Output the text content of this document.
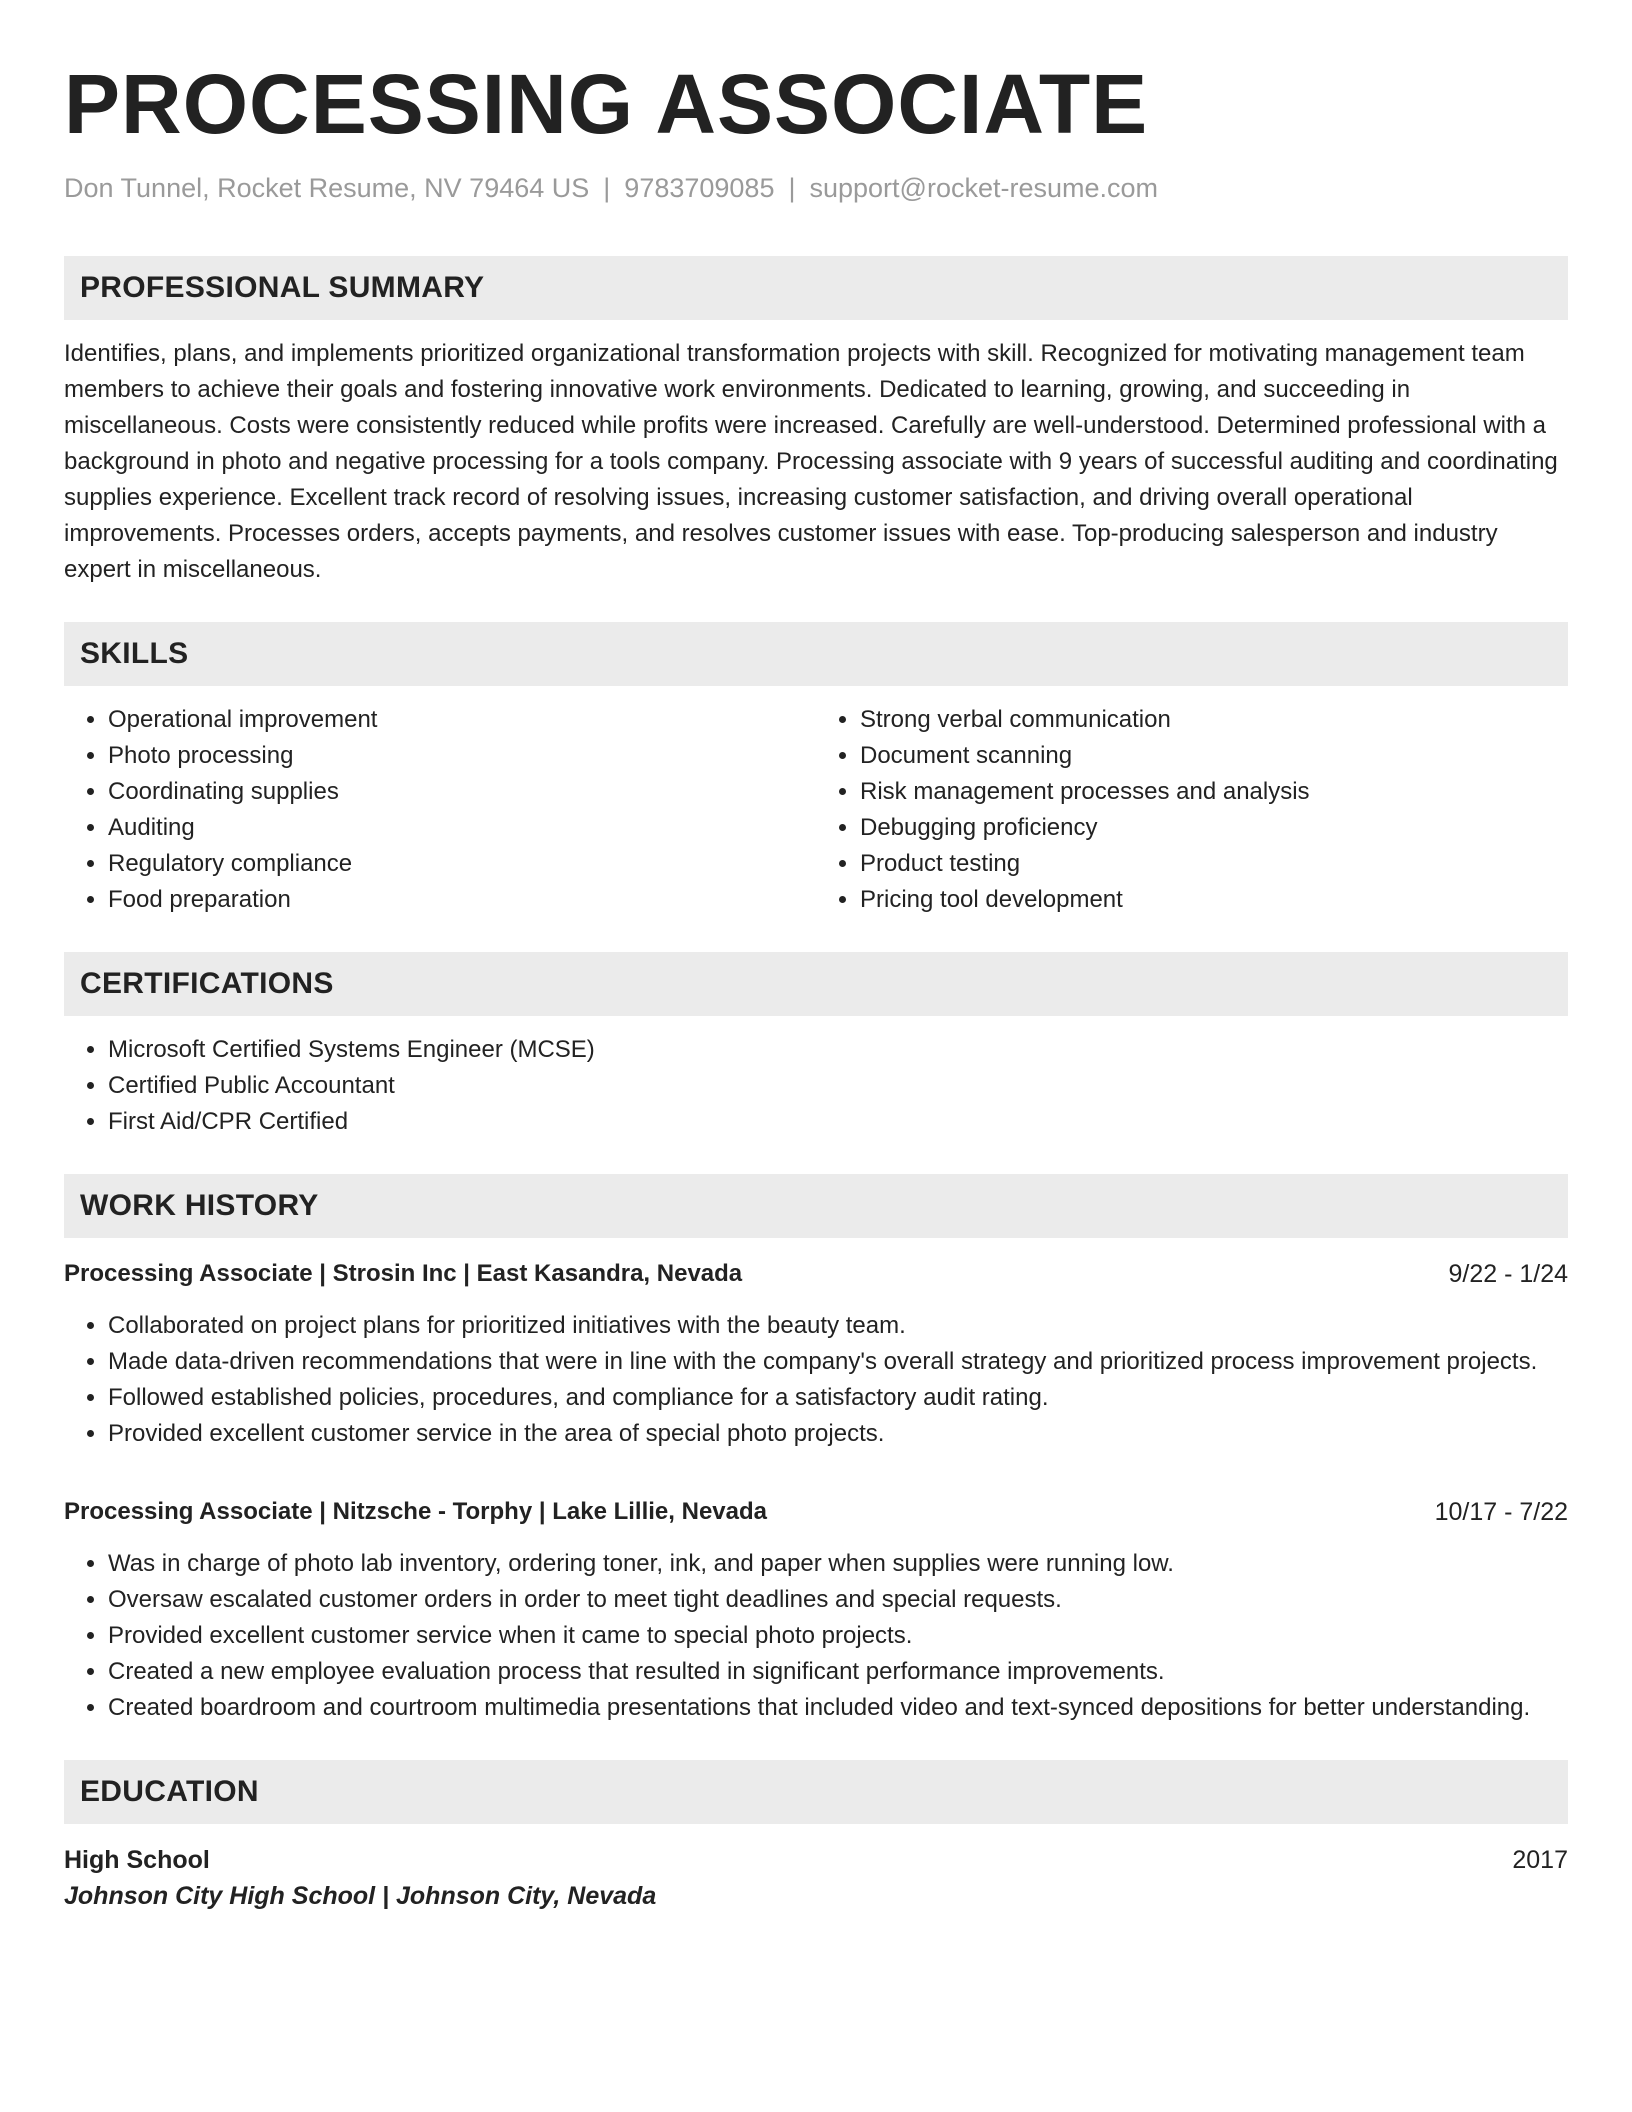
PROCESSING ASSOCIATE
Don Tunnel, Rocket Resume, NV 79464 US | 9783709085 | support@rocket-resume.com
PROFESSIONAL SUMMARY
Identifies, plans, and implements prioritized organizational transformation projects with skill. Recognized for motivating management team members to achieve their goals and fostering innovative work environments. Dedicated to learning, growing, and succeeding in miscellaneous. Costs were consistently reduced while profits were increased. Carefully are well-understood. Determined professional with a background in photo and negative processing for a tools company. Processing associate with 9 years of successful auditing and coordinating supplies experience. Excellent track record of resolving issues, increasing customer satisfaction, and driving overall operational improvements. Processes orders, accepts payments, and resolves customer issues with ease. Top-producing salesperson and industry expert in miscellaneous.
SKILLS
• Operational improvement
• Photo processing
• Coordinating supplies
• Auditing
• Regulatory compliance
• Food preparation
• Strong verbal communication
• Document scanning
• Risk management processes and analysis
• Debugging proficiency
• Product testing
• Pricing tool development
CERTIFICATIONS
• Microsoft Certified Systems Engineer (MCSE)
• Certified Public Accountant
• First Aid/CPR Certified
WORK HISTORY
Processing Associate | Strosin Inc | East Kasandra, Nevada	9/22 - 1/24
• Collaborated on project plans for prioritized initiatives with the beauty team.
• Made data-driven recommendations that were in line with the company's overall strategy and prioritized process improvement projects.
• Followed established policies, procedures, and compliance for a satisfactory audit rating.
• Provided excellent customer service in the area of special photo projects.
Processing Associate | Nitzsche - Torphy | Lake Lillie, Nevada	10/17 - 7/22
• Was in charge of photo lab inventory, ordering toner, ink, and paper when supplies were running low.
• Oversaw escalated customer orders in order to meet tight deadlines and special requests.
• Provided excellent customer service when it came to special photo projects.
• Created a new employee evaluation process that resulted in significant performance improvements.
• Created boardroom and courtroom multimedia presentations that included video and text-synced depositions for better understanding.
EDUCATION
High School	2017
Johnson City High School | Johnson City, Nevada
